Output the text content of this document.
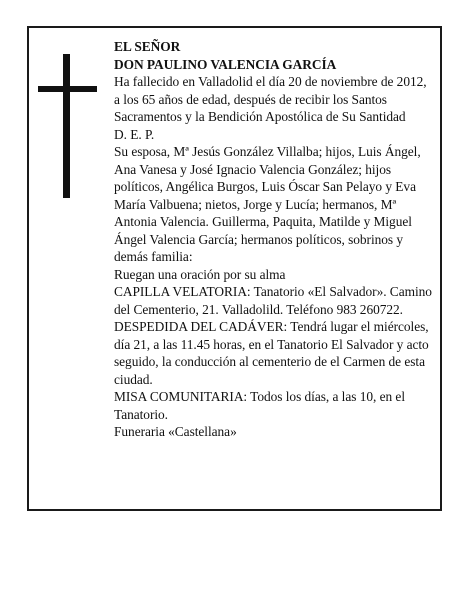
EL SEÑOR

DON PAULINO VALENCIA GARCÍA

Ha fallecido en Valladolid el día 20 de noviembre de 2012, a los 65 años de edad, después de recibir los Santos Sacramentos y la Bendición Apostólica de Su Santidad

D. E. P.

Su esposa, Mª Jesús González Villalba; hijos, Luis Ángel, Ana Vanesa y José Ignacio Valencia González; hijos políticos, Angélica Burgos, Luis Óscar San Pelayo y Eva María Valbuena; nietos, Jorge y Lucía; hermanos, Mª Antonia Valencia. Guillerma, Paquita, Matilde y Miguel Ángel Valencia García; hermanos políticos, sobrinos y demás familia:

Ruegan una oración por su alma

CAPILLA VELATORIA: Tanatorio «El Salvador». Camino del Cementerio, 21. Valladolild. Teléfono 983 260722.

DESPEDIDA DEL CADÁVER: Tendrá lugar el miércoles, día 21, a las 11.45 horas, en el Tanatorio El Salvador y acto seguido, la conducción al cementerio de el Carmen de esta ciudad.

MISA COMUNITARIA: Todos los días, a las 10, en el Tanatorio.

Funeraria «Castellana»
